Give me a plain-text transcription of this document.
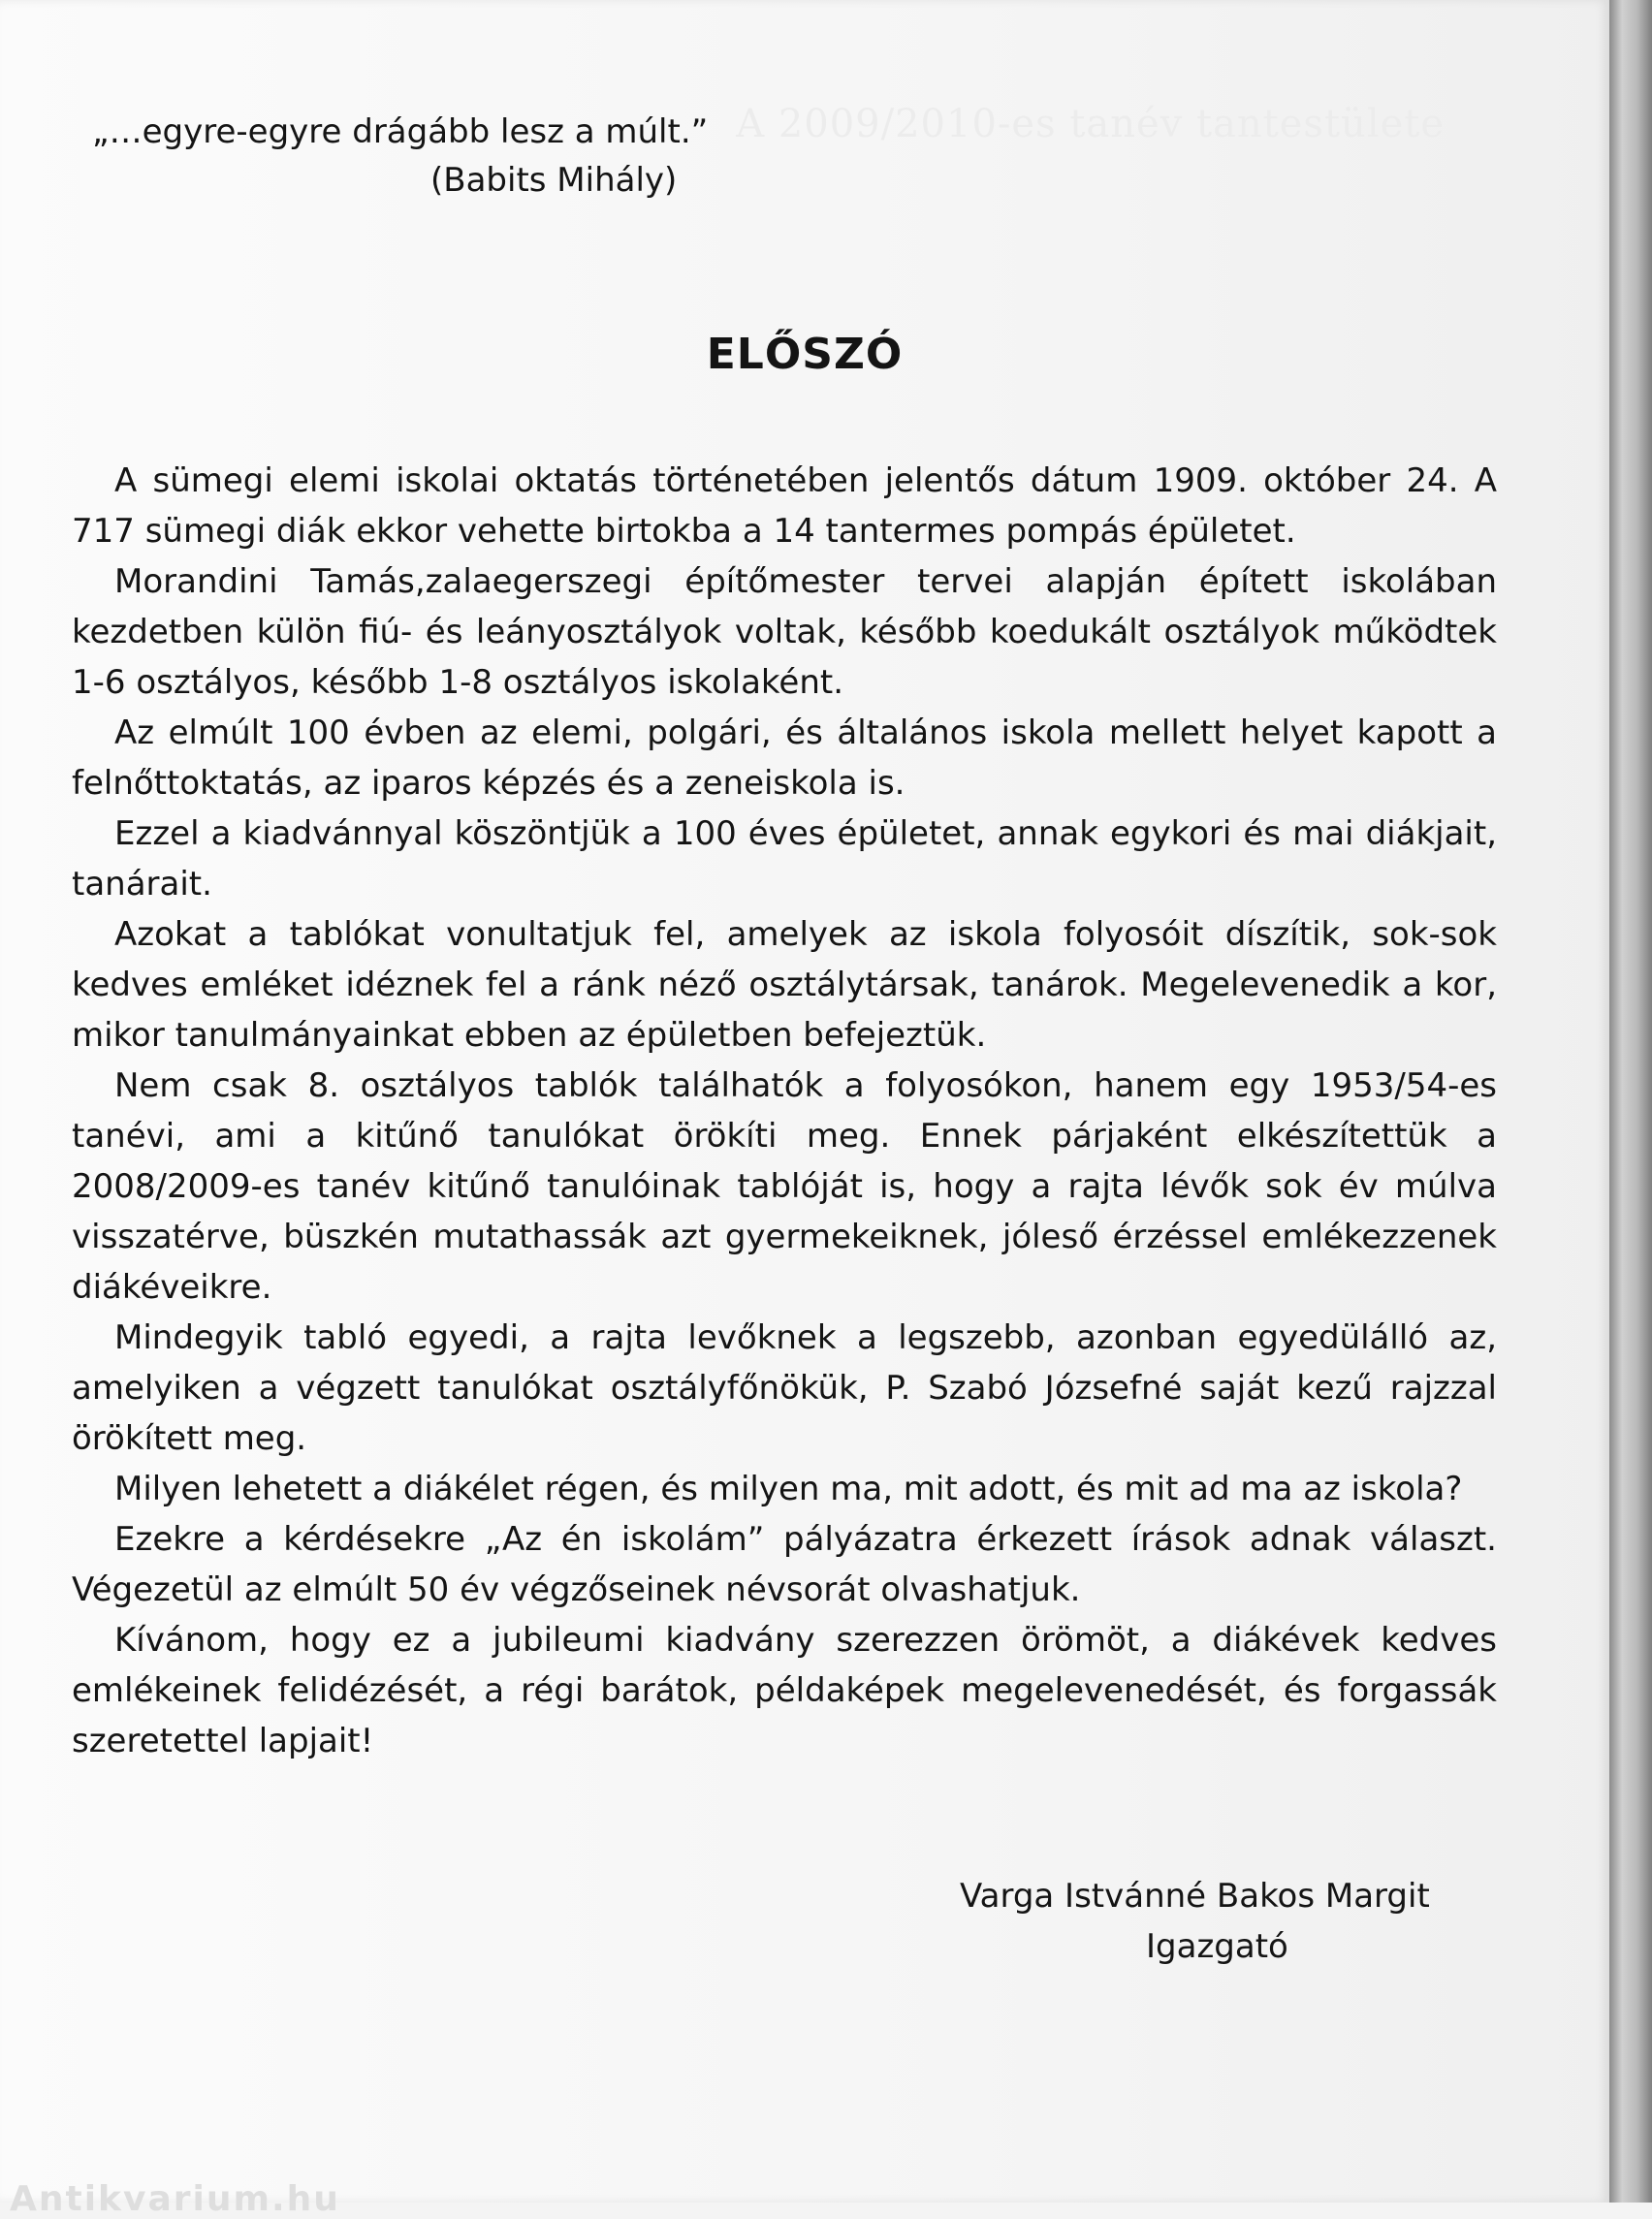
A 2009/2010-es tanév tantestülete
„…egyre-egyre drágább lesz a múlt.”
(Babits Mihály)
ELŐSZÓ

A sümegi elemi iskolai oktatás történetében jelentős dátum 1909. október 24. A 717 sümegi diák ekkor vehette birtokba a 14 tantermes pompás épületet.

Morandini Tamás,zalaegerszegi építőmester tervei alapján épített iskolában kezdetben külön fiú- és leányosztályok voltak, később koedukált osztályok működtek 1-6 osztályos, később 1-8 osztályos iskolaként.

Az elmúlt 100 évben az elemi, polgári, és általános iskola mellett helyet kapott a felnőttoktatás, az iparos képzés és a zeneiskola is.

Ezzel a kiadvánnyal köszöntjük a 100 éves épületet, annak egykori és mai diákjait, tanárait.

Azokat a tablókat vonultatjuk fel, amelyek az iskola folyosóit díszítik, sok-sok kedves emléket idéznek fel a ránk néző osztálytársak, tanárok. Megelevenedik a kor, mikor tanulmányainkat ebben az épületben befejeztük.

Nem csak 8. osztályos tablók találhatók a folyosókon, hanem egy 1953/54-es tanévi, ami a kitűnő tanulókat örökíti meg. Ennek párjaként elkészítettük a 2008/2009-es tanév kitűnő tanulóinak tablóját is, hogy a rajta lévők sok év múlva visszatérve, büszkén mutathassák azt gyermekeiknek, jóleső érzéssel emlékezzenek diákéveikre.

Mindegyik tabló egyedi, a rajta levőknek a legszebb, azonban egyedülálló az, amelyiken a végzett tanulókat osztályfőnökük, P. Szabó Józsefné saját kezű rajzzal örökített meg.

Milyen lehetett a diákélet régen, és milyen ma, mit adott, és mit ad ma az iskola?

Ezekre a kérdésekre „Az én iskolám” pályázatra érkezett írások adnak választ. Végezetül az elmúlt 50 év végzőseinek névsorát olvashatjuk.

Kívánom, hogy ez a jubileumi kiadvány szerezzen örömöt, a diákévek kedves emlékeinek felidézését, a régi barátok, példaképek megelevenedését, és forgassák szeretettel lapjait!

Varga Istvánné Bakos Margit
Igazgató
Antikvarium.hu
